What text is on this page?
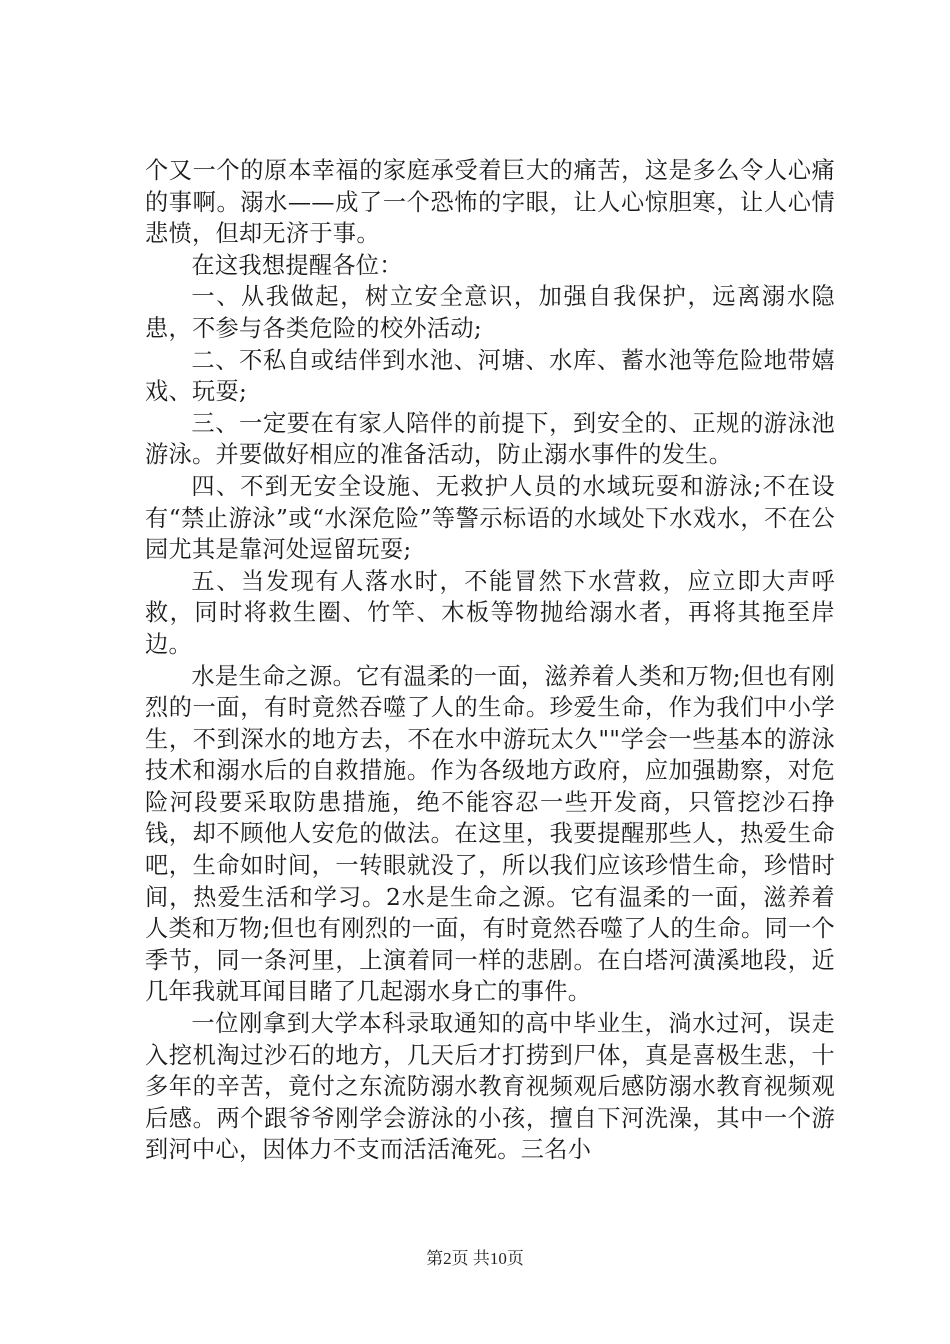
个又一个的原本幸福的家庭承受着巨大的痛苦，这是多么令人心痛的事啊。溺水——成了一个恐怖的字眼，让人心惊胆寒，让人心情悲愤，但却无济于事。

在这我想提醒各位：

一、从我做起，树立安全意识，加强自我保护，远离溺水隐患，不参与各类危险的校外活动;

二、不私自或结伴到水池、河塘、水库、蓄水池等危险地带嬉戏、玩耍;

三、一定要在有家人陪伴的前提下，到安全的、正规的游泳池游泳。并要做好相应的准备活动，防止溺水事件的发生。

四、不到无安全设施、无救护人员的水域玩耍和游泳;不在设有“禁止游泳”或“水深危险”等警示标语的水域处下水戏水，不在公园尤其是靠河处逗留玩耍;

五、当发现有人落水时，不能冒然下水营救，应立即大声呼救，同时将救生圈、竹竿、木板等物抛给溺水者，再将其拖至岸边。

水是生命之源。它有温柔的一面，滋养着人类和万物;但也有刚烈的一面，有时竟然吞噬了人的生命。珍爱生命，作为我们中小学生，不到深水的地方去，不在水中游玩太久""学会一些基本的游泳技术和溺水后的自救措施。作为各级地方政府，应加强勘察，对危险河段要采取防患措施，绝不能容忍一些开发商，只管挖沙石挣钱，却不顾他人安危的做法。在这里，我要提醒那些人，热爱生命吧，生命如时间，一转眼就没了，所以我们应该珍惜生命，珍惜时间，热爱生活和学习。2水是生命之源。它有温柔的一面，滋养着人类和万物;但也有刚烈的一面，有时竟然吞噬了人的生命。同一个季节，同一条河里，上演着同一样的悲剧。在白塔河潢溪地段，近几年我就耳闻目睹了几起溺水身亡的事件。

一位刚拿到大学本科录取通知的高中毕业生，淌水过河，误走入挖机淘过沙石的地方，几天后才打捞到尸体，真是喜极生悲，十多年的辛苦，竟付之东流防溺水教育视频观后感防溺水教育视频观后感。两个跟爷爷刚学会游泳的小孩，擅自下河洗澡，其中一个游到河中心，因体力不支而活活淹死。三名小

第2页 共10页
